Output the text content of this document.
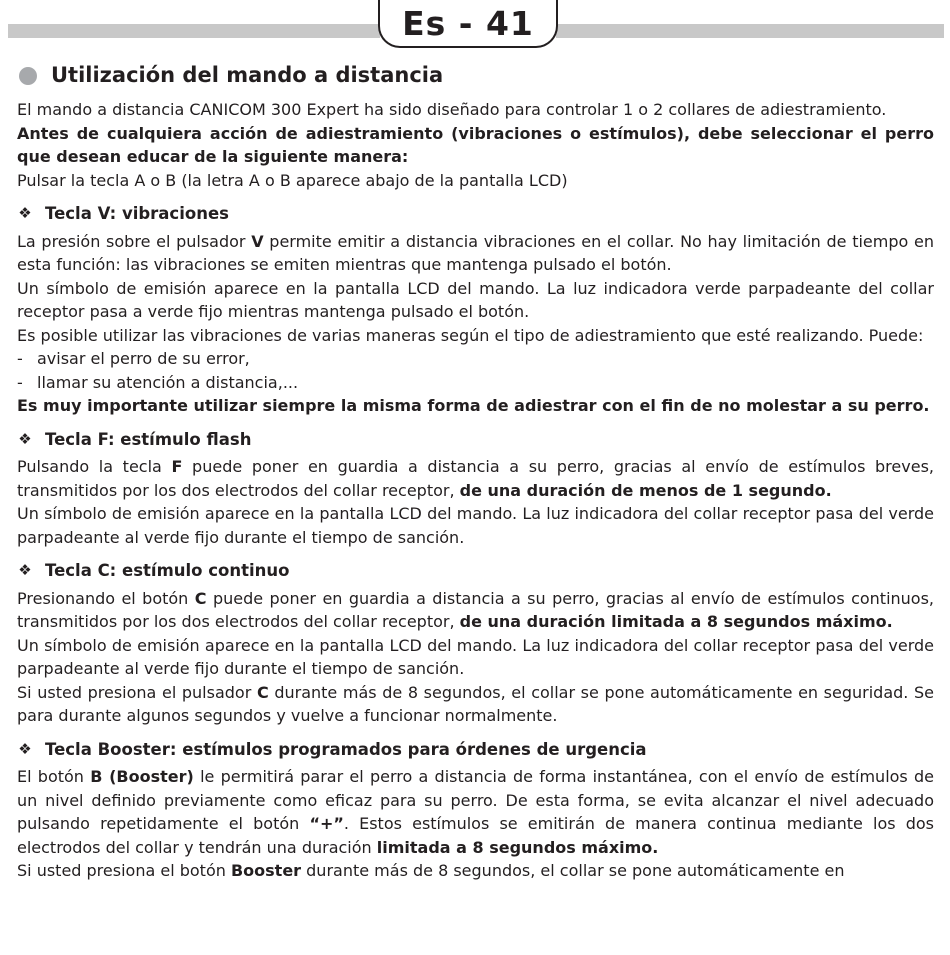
Es - 41
Utilización del mando a distancia

El mando a distancia CANICOM 300 Expert ha sido diseñado para controlar 1 o 2 collares de adiestramiento.

Antes de cualquiera acción de adiestramiento (vibraciones o estímulos), debe seleccionar el perro que desean educar de la siguiente manera:

Pulsar la tecla A o B (la letra A o B aparece abajo de la pantalla LCD)

❖ Tecla V: vibraciones

La presión sobre el pulsador V permite emitir a distancia vibraciones en el collar. No hay limitación de tiempo en esta función: las vibraciones se emiten mientras que mantenga pulsado el botón.

Un símbolo de emisión aparece en la pantalla LCD del mando. La luz indicadora verde parpadeante del collar receptor pasa a verde fijo mientras mantenga pulsado el botón.

Es posible utilizar las vibraciones de varias maneras según el tipo de adiestramiento que esté realizando. Puede:

- avisar el perro de su error,
- llamar su atención a distancia,...

Es muy importante utilizar siempre la misma forma de adiestrar con el fin de no molestar a su perro.

❖ Tecla F: estímulo flash

Pulsando la tecla F puede poner en guardia a distancia a su perro, gracias al envío de estímulos breves, transmitidos por los dos electrodos del collar receptor, de una duración de menos de 1 segundo.

Un símbolo de emisión aparece en la pantalla LCD del mando. La luz indicadora del collar receptor pasa del verde parpadeante al verde fijo durante el tiempo de sanción.

❖ Tecla C: estímulo continuo

Presionando el botón C puede poner en guardia a distancia a su perro, gracias al envío de estímulos continuos, transmitidos por los dos electrodos del collar receptor, de una duración limitada a 8 segundos máximo.

Un símbolo de emisión aparece en la pantalla LCD del mando. La luz indicadora del collar receptor pasa del verde parpadeante al verde fijo durante el tiempo de sanción.

Si usted presiona el pulsador C durante más de 8 segundos, el collar se pone automáticamente en seguridad. Se para durante algunos segundos y vuelve a funcionar normalmente.

❖ Tecla Booster: estímulos programados para órdenes de urgencia

El botón B (Booster) le permitirá parar el perro a distancia de forma instantánea, con el envío de estímulos de un nivel definido previamente como eficaz para su perro. De esta forma, se evita alcanzar el nivel adecuado pulsando repetidamente el botón “+”. Estos estímulos se emitirán de manera continua mediante los dos electrodos del collar y tendrán una duración limitada a 8 segundos máximo.

Si usted presiona el botón Booster durante más de 8 segundos, el collar se pone automáticamente en
